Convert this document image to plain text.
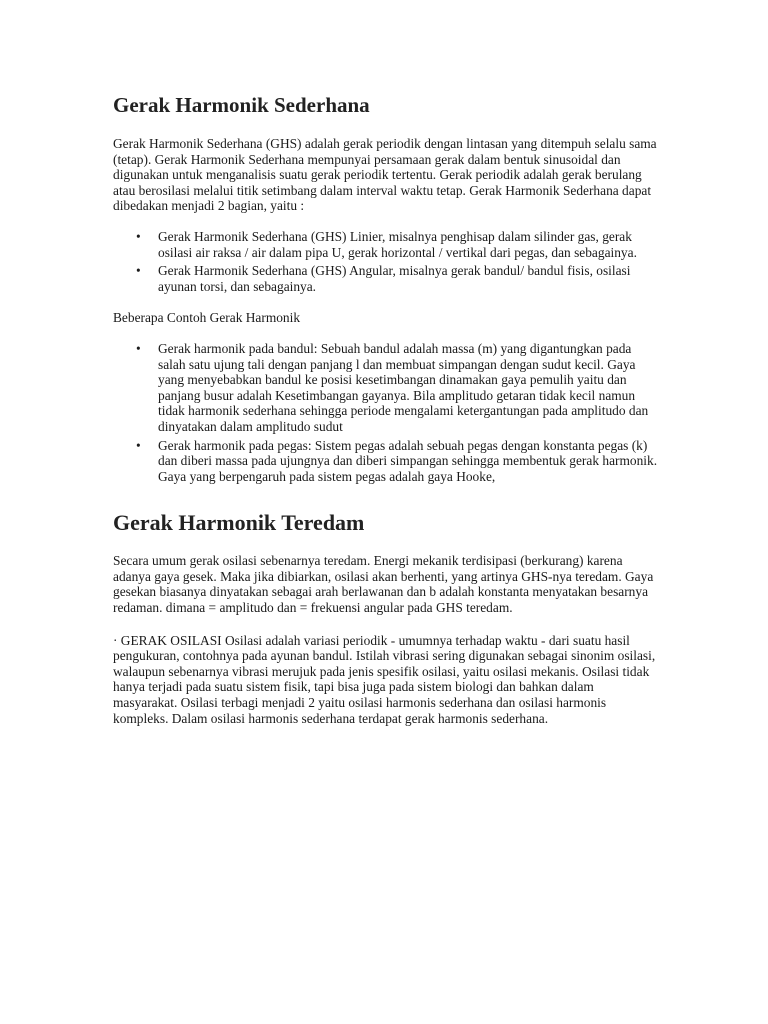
Gerak Harmonik Sederhana

Gerak Harmonik Sederhana (GHS) adalah gerak periodik dengan lintasan yang ditempuh selalu sama (tetap). Gerak Harmonik Sederhana mempunyai persamaan gerak dalam bentuk sinusoidal dan digunakan untuk menganalisis suatu gerak periodik tertentu. Gerak periodik adalah gerak berulang atau berosilasi melalui titik setimbang dalam interval waktu tetap. Gerak Harmonik Sederhana dapat dibedakan menjadi 2 bagian, yaitu :

• Gerak Harmonik Sederhana (GHS) Linier, misalnya penghisap dalam silinder gas, gerak osilasi air raksa / air dalam pipa U, gerak horizontal / vertikal dari pegas, dan sebagainya.
• Gerak Harmonik Sederhana (GHS) Angular, misalnya gerak bandul/ bandul fisis, osilasi ayunan torsi, dan sebagainya.

Beberapa Contoh Gerak Harmonik

• Gerak harmonik pada bandul: Sebuah bandul adalah massa (m) yang digantungkan pada salah satu ujung tali dengan panjang l dan membuat simpangan dengan sudut kecil. Gaya yang menyebabkan bandul ke posisi kesetimbangan dinamakan gaya pemulih yaitu dan panjang busur adalah Kesetimbangan gayanya. Bila amplitudo getaran tidak kecil namun tidak harmonik sederhana sehingga periode mengalami ketergantungan pada amplitudo dan dinyatakan dalam amplitudo sudut
• Gerak harmonik pada pegas: Sistem pegas adalah sebuah pegas dengan konstanta pegas (k) dan diberi massa pada ujungnya dan diberi simpangan sehingga membentuk gerak harmonik. Gaya yang berpengaruh pada sistem pegas adalah gaya Hooke,
Gerak Harmonik Teredam

Secara umum gerak osilasi sebenarnya teredam. Energi mekanik terdisipasi (berkurang) karena adanya gaya gesek. Maka jika dibiarkan, osilasi akan berhenti, yang artinya GHS-nya teredam. Gaya gesekan biasanya dinyatakan sebagai arah berlawanan dan b adalah konstanta menyatakan besarnya redaman. dimana = amplitudo dan = frekuensi angular pada GHS teredam.

· GERAK OSILASI Osilasi adalah variasi periodik - umumnya terhadap waktu - dari suatu hasil pengukuran, contohnya pada ayunan bandul. Istilah vibrasi sering digunakan sebagai sinonim osilasi, walaupun sebenarnya vibrasi merujuk pada jenis spesifik osilasi, yaitu osilasi mekanis. Osilasi tidak hanya terjadi pada suatu sistem fisik, tapi bisa juga pada sistem biologi dan bahkan dalam masyarakat. Osilasi terbagi menjadi 2 yaitu osilasi harmonis sederhana dan osilasi harmonis kompleks. Dalam osilasi harmonis sederhana terdapat gerak harmonis sederhana.
